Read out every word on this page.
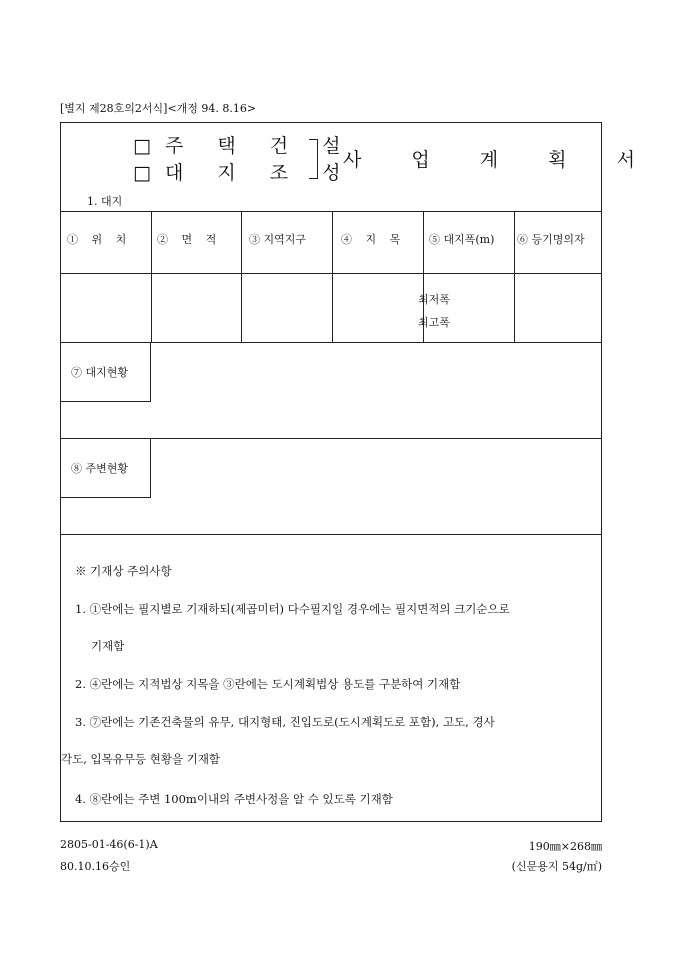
[별지 제28호의2서식]<개정 94. 8.16>
□주 택 건 설
□대 지 조 성
사 업 계 획 서
1. 대지
① 위 치	② 면 적	③ 지역지구	④ 지 목 ⑤ 대지폭(m) ⑥ 등기명의자
최저폭
최고폭
⑦ 대지현황
⑧ 주변현황
※ 기재상 주의사항
1. ①란에는 필지별로 기재하되(제곱미터) 다수필지일 경우에는 필지면적의 크기순으로
기재함
2. ④란에는 지적법상 지목을 ③란에는 도시계획법상 용도를 구분하여 기재함
3. ⑦란에는 기존건축물의 유무, 대지형태, 진입도로(도시계획도로 포함), 고도, 경사
각도, 입목유무등 현황을 기재함
4. ⑧란에는 주변 100m이내의 주변사정을 알 수 있도록 기재함
2805-01-46(6-1)A
80.10.16승인
190㎜×268㎜
(신문용지 54g/㎡)
